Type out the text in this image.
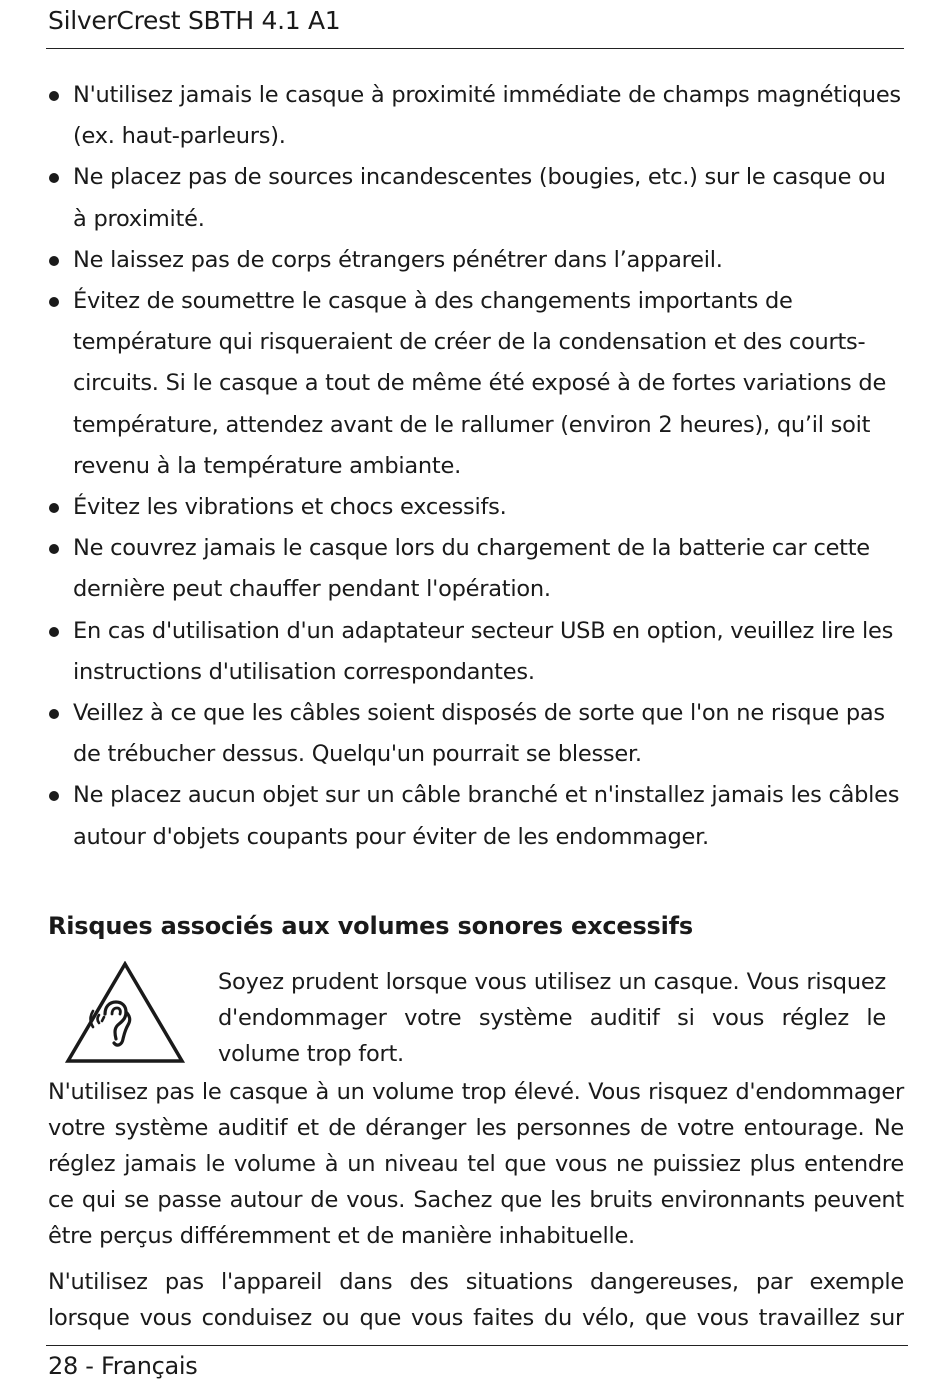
SilverCrest SBTH 4.1 A1
N'utilisez jamais le casque à proximité immédiate de champs magnétiques (ex. haut-parleurs).
Ne placez pas de sources incandescentes (bougies, etc.) sur le casque ou à proximité.
Ne laissez pas de corps étrangers pénétrer dans l’appareil.
Évitez de soumettre le casque à des changements importants de température qui risqueraient de créer de la condensation et des courts-circuits. Si le casque a tout de même été exposé à de fortes variations de température, attendez avant de le rallumer (environ 2 heures), qu’il soit revenu à la température ambiante.
Évitez les vibrations et chocs excessifs.
Ne couvrez jamais le casque lors du chargement de la batterie car cette dernière peut chauffer pendant l'opération.
En cas d'utilisation d'un adaptateur secteur USB en option, veuillez lire les instructions d'utilisation correspondantes.
Veillez à ce que les câbles soient disposés de sorte que l'on ne risque pas de trébucher dessus. Quelqu'un pourrait se blesser.
Ne placez aucun objet sur un câble branché et n'installez jamais les câbles autour d'objets coupants pour éviter de les endommager.
Risques associés aux volumes sonores excessifs
Soyez prudent lorsque vous utilisez un casque. Vous risquez d'endommager votre système auditif si vous réglez le volume trop fort.

N'utilisez pas le casque à un volume trop élevé. Vous risquez d'endommager votre système auditif et de déranger les personnes de votre entourage. Ne réglez jamais le volume à un niveau tel que vous ne puissiez plus entendre ce qui se passe autour de vous. Sachez que les bruits environnants peuvent être perçus différemment et de manière inhabituelle.

N'utilisez pas l'appareil dans des situations dangereuses, par exemple lorsque vous conduisez ou que vous faites du vélo, que vous travaillez sur

28 - Français
